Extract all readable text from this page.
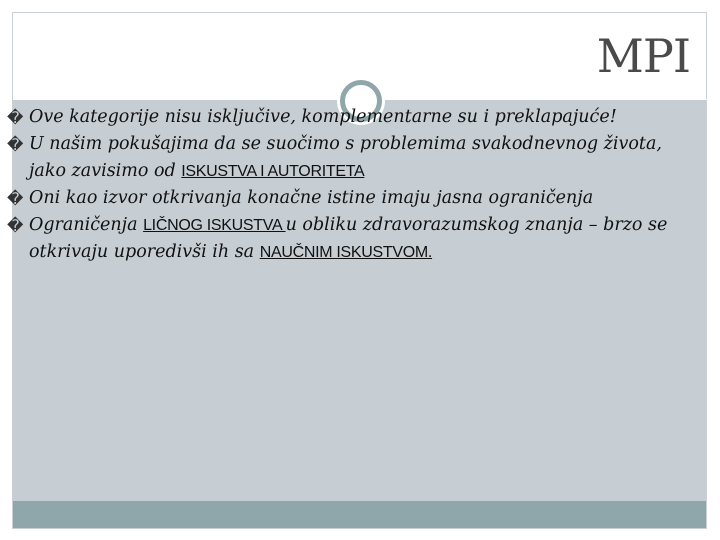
MPI
� Ove kategorije nisu isključive, komplementarne su i preklapajuće!
� U našim pokušajima da se suočimo s problemima svakodnevnog života, jako zavisimo od ISKUSTVA I AUTORITETA
� Oni kao izvor otkrivanja konačne istine imaju jasna ograničenja
� Ograničenja LIČNOG ISKUSTVA u obliku zdravorazumskog znanja – brzo se otkrivaju uporedivši ih sa NAUČNIM ISKUSTVOM.
